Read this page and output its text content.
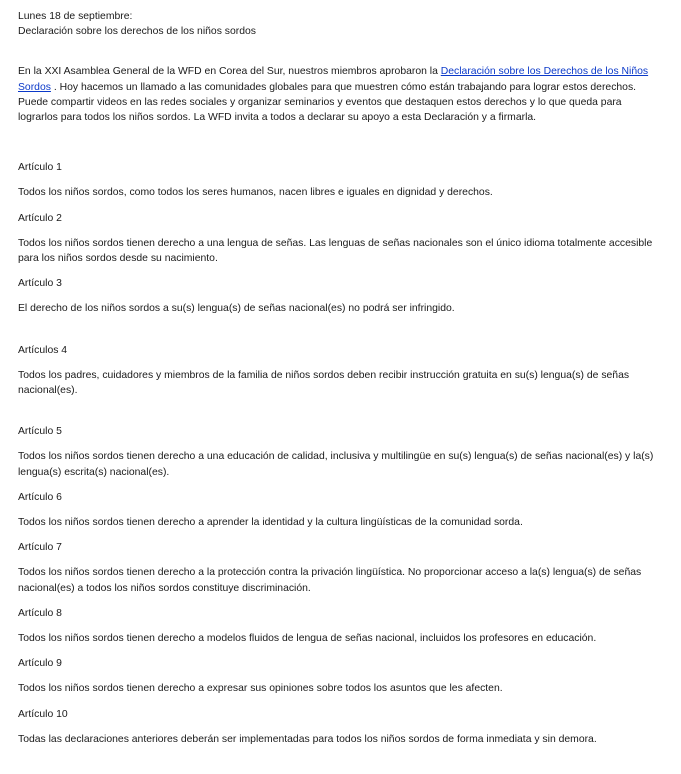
Lunes 18 de septiembre:

Declaración sobre los derechos de los niños sordos

En la XXI Asamblea General de la WFD en Corea del Sur, nuestros miembros aprobaron la Declaración sobre los Derechos de los Niños Sordos . Hoy hacemos un llamado a las comunidades globales para que muestren cómo están trabajando para lograr estos derechos. Puede compartir videos en las redes sociales y organizar seminarios y eventos que destaquen estos derechos y lo que queda para lograrlos para todos los niños sordos. La WFD invita a todos a declarar su apoyo a esta Declaración y a firmarla.

Artículo 1

Todos los niños sordos, como todos los seres humanos, nacen libres e iguales en dignidad y derechos.

Artículo 2

Todos los niños sordos tienen derecho a una lengua de señas. Las lenguas de señas nacionales son el único idioma totalmente accesible para los niños sordos desde su nacimiento.

Artículo 3

El derecho de los niños sordos a su(s) lengua(s) de señas nacional(es) no podrá ser infringido.

Artículos 4

Todos los padres, cuidadores y miembros de la familia de niños sordos deben recibir instrucción gratuita en su(s) lengua(s) de señas nacional(es).

Artículo 5

Todos los niños sordos tienen derecho a una educación de calidad, inclusiva y multilingüe en su(s) lengua(s) de señas nacional(es) y la(s) lengua(s) escrita(s) nacional(es).

Artículo 6

Todos los niños sordos tienen derecho a aprender la identidad y la cultura lingüísticas de la comunidad sorda.

Artículo 7

Todos los niños sordos tienen derecho a la protección contra la privación lingüística. No proporcionar acceso a la(s) lengua(s) de señas nacional(es) a todos los niños sordos constituye discriminación.

Artículo 8

Todos los niños sordos tienen derecho a modelos fluidos de lengua de señas nacional, incluidos los profesores en educación.

Artículo 9

Todos los niños sordos tienen derecho a expresar sus opiniones sobre todos los asuntos que les afecten.

Artículo 10

Todas las declaraciones anteriores deberán ser implementadas para todos los niños sordos de forma inmediata y sin demora.
